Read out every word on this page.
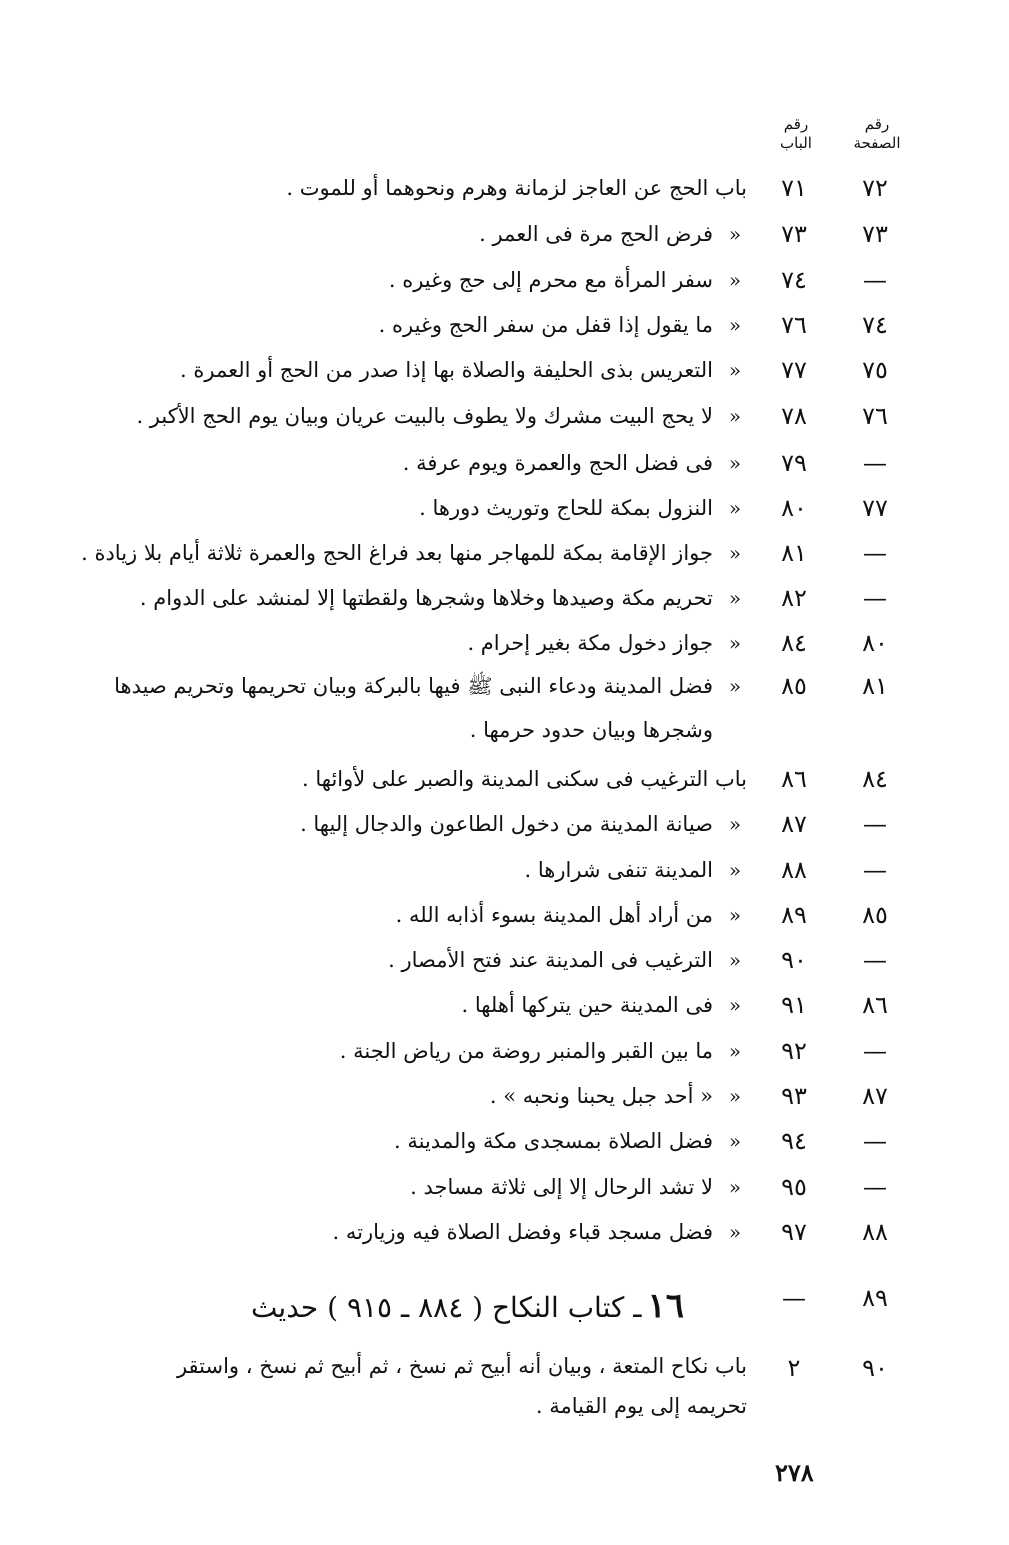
رقم الصفحة
رقم الباب
٧٢
٧١
باب الحج عن العاجز لزمانة وهرم ونحوهما أو للموت .
٧٣
٧٣
«
فرض الحج مرة فى العمر .
—
٧٤
«
سفر المرأة مع محرم إلى حج وغيره .
٧٤
٧٦
«
ما يقول إذا قفل من سفر الحج وغيره .
٧٥
٧٧
«
التعريس بذى الحليفة والصلاة بها إذا صدر من الحج أو العمرة .
٧٦
٧٨
«
لا يحج البيت مشرك ولا يطوف بالبيت عريان وبيان يوم الحج الأكبر .
—
٧٩
«
فى فضل الحج والعمرة ويوم عرفة .
٧٧
٨٠
«
النزول بمكة للحاج وتوريث دورها .
—
٨١
«
جواز الإقامة بمكة للمهاجر منها بعد فراغ الحج والعمرة ثلاثة أيام بلا زيادة .
—
٨٢
«
تحريم مكة وصيدها وخلاها وشجرها ولقطتها إلا لمنشد على الدوام .
٨٠
٨٤
«
جواز دخول مكة بغير إحرام .
٨١
٨٥
«
فضل المدينة ودعاء النبى ﷺ فيها بالبركة وبيان تحريمها وتحريم صيدها وشجرها وبيان حدود حرمها .
٨٤
٨٦
باب الترغيب فى سكنى المدينة والصبر على لأوائها .
—
٨٧
«
صيانة المدينة من دخول الطاعون والدجال إليها .
—
٨٨
«
المدينة تنفى شرارها .
٨٥
٨٩
«
من أراد أهل المدينة بسوء أذابه الله .
—
٩٠
«
الترغيب فى المدينة عند فتح الأمصار .
٨٦
٩١
«
فى المدينة حين يتركها أهلها .
—
٩٢
«
ما بين القبر والمنبر روضة من رياض الجنة .
٨٧
٩٣
«
« أحد جبل يحبنا ونحبه » .
—
٩٤
«
فضل الصلاة بمسجدى مكة والمدينة .
—
٩٥
«
لا تشد الرحال إلا إلى ثلاثة مساجد .
٨٨
٩٧
«
فضل مسجد قباء وفضل الصلاة فيه وزيارته .
٨٩
—
١٦ـ كتاب النكاح ( ٨٨٤ ـ ٩١٥ ) حديث
٩٠
٢
باب نكاح المتعة ، وبيان أنه أبيح ثم نسخ ، ثم أبيح ثم نسخ ، واستقر تحريمه إلى يوم القيامة .
٢٧٨
